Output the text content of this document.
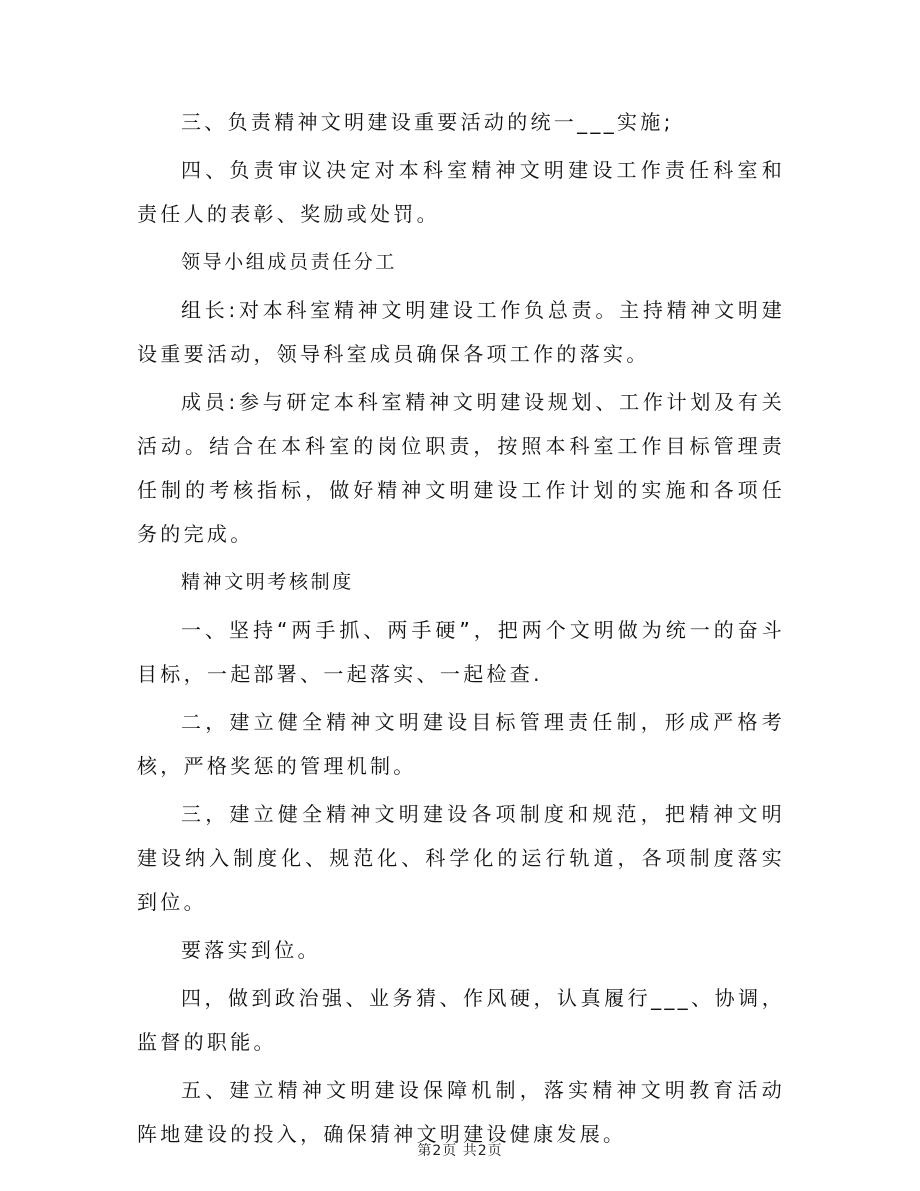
三、负责精神文明建设重要活动的统一___实施;

四、负责审议决定对本科室精神文明建设工作责任科室和责任人的表彰、奖励或处罚。

领导小组成员责任分工

组长:对本科室精神文明建设工作负总责。主持精神文明建设重要活动，领导科室成员确保各项工作的落实。

成员:参与研定本科室精神文明建设规划、工作计划及有关活动。结合在本科室的岗位职责，按照本科室工作目标管理责任制的考核指标，做好精神文明建设工作计划的实施和各项任务的完成。

精神文明考核制度

一、坚持“两手抓、两手硬”，把两个文明做为统一的奋斗目标，一起部署、一起落实、一起检查.

二，建立健全精神文明建设目标管理责任制，形成严格考核，严格奖惩的管理机制。

三，建立健全精神文明建设各项制度和规范，把精神文明建设纳入制度化、规范化、科学化的运行轨道，各项制度落实到位。

要落实到位。

四，做到政治强、业务猜、作风硬，认真履行___、协调，监督的职能。

五、建立精神文明建设保障机制，落实精神文明教育活动阵地建设的投入，确保猜神文明建设健康发展。

第2页 共2页
